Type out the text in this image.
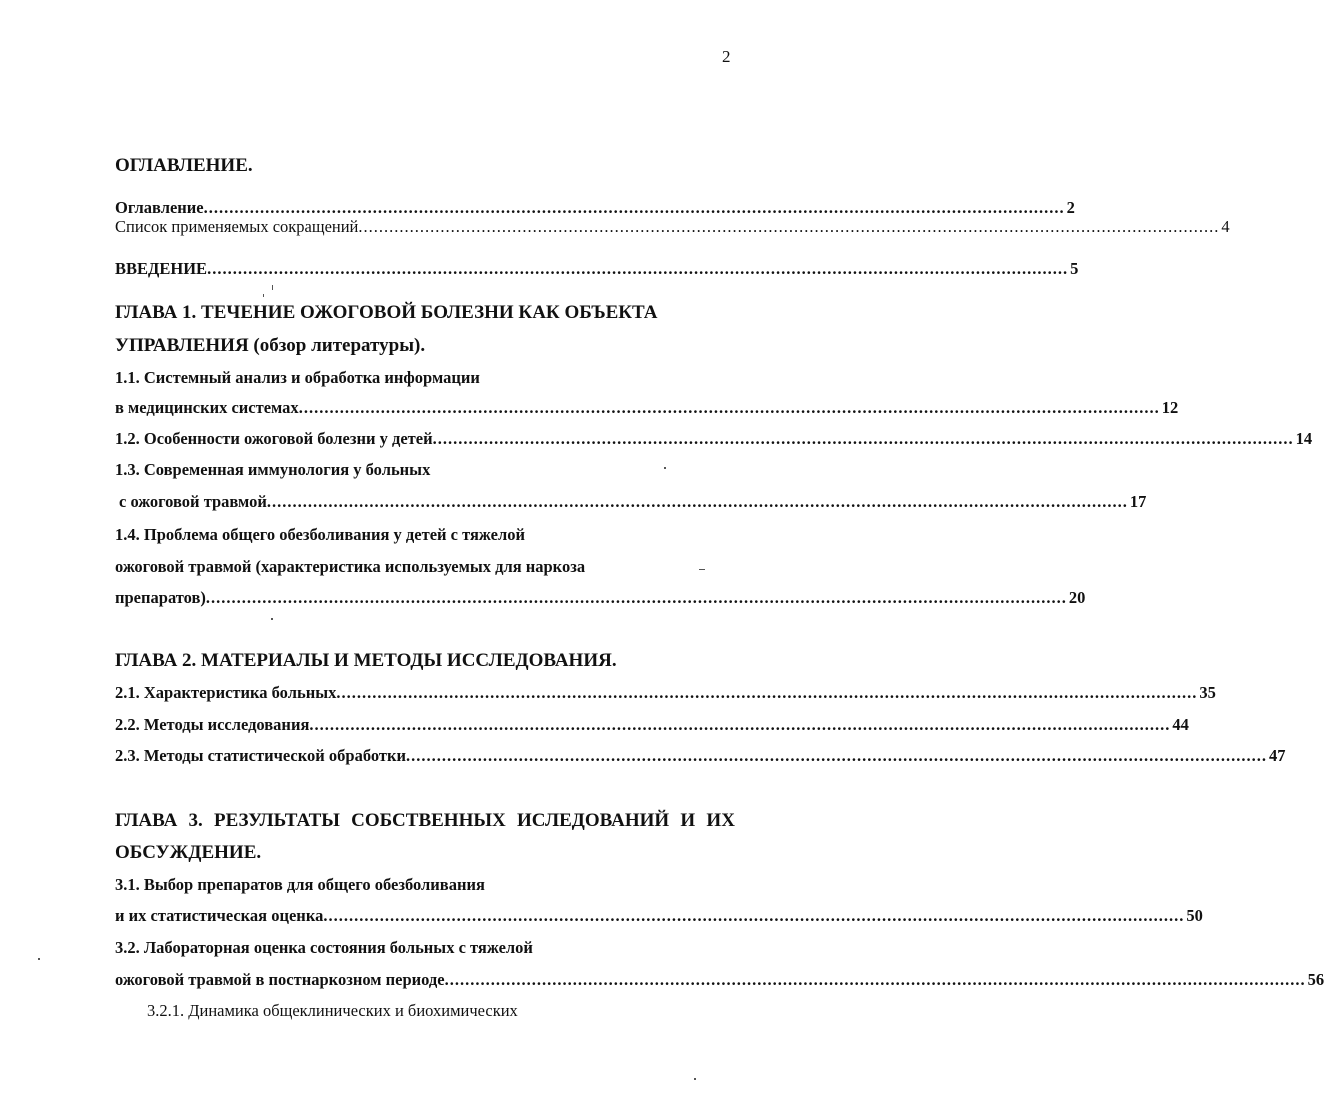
2
ОГЛАВЛЕНИЕ.
Оглавление ........................................................................................................................................................................ 2
Список применяемых сокращений ........................................................................................................................................................................ 4
ВВЕДЕНИЕ ........................................................................................................................................................................ 5
ГЛАВА 1. ТЕЧЕНИЕ ОЖОГОВОЙ БОЛЕЗНИ КАК ОБЪЕКТА
УПРАВЛЕНИЯ (обзор литературы).
1.1. Системный анализ и обработка информации
в медицинских системах ........................................................................................................................................................................ 12
1.2. Особенности ожоговой болезни у детей ........................................................................................................................................................................ 14
1.3. Современная иммунология у больных
с ожоговой травмой ........................................................................................................................................................................ 17
1.4. Проблема общего обезболивания у детей с тяжелой
ожоговой травмой (характеристика используемых для наркоза
препаратов) ........................................................................................................................................................................ 20
ГЛАВА 2. МАТЕРИАЛЫ И МЕТОДЫ ИССЛЕДОВАНИЯ.
2.1. Характеристика больных ........................................................................................................................................................................ 35
2.2. Методы исследования ........................................................................................................................................................................ 44
2.3. Методы статистической обработки ........................................................................................................................................................................ 47
ГЛАВА 3. РЕЗУЛЬТАТЫ СОБСТВЕННЫХ ИСЛЕДОВАНИЙ И ИХ
ОБСУЖДЕНИЕ.
3.1. Выбор препаратов для общего обезболивания
и их статистическая оценка ........................................................................................................................................................................ 50
3.2. Лабораторная оценка состояния больных с тяжелой
ожоговой травмой в постнаркозном периоде ........................................................................................................................................................................ 56
3.2.1. Динамика общеклинических и биохимических
